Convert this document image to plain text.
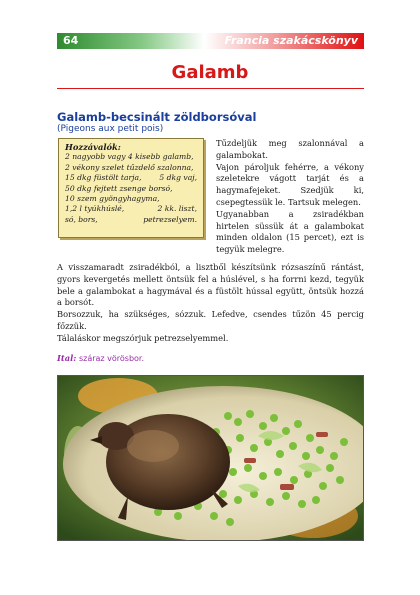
64	Francia szakácskönyv
Galamb
Galamb-becsinált zöldborsóval
(Pigeons aux petit pois)
Hozzávalók:
2 nagyobb vagy 4 kisebb galamb,
2 vékony szelet tűzdelő szalonna,
15 dkg füstölt tarja, 5 dkg vaj,
50 dkg fejtett zsenge borsó,
10 szem gyöngyhagyma,
1,2 l tyúkhúslé,	2 kk. liszt,
só, bors,	petrezselyem.

Tűzdeljük meg szalonnával a galambokat.

Vajon pároljuk fehérre, a vékony szeletekre vágott tarját és a hagymafejeket. Szedjük ki, csepegtessük le. Tartsuk melegen.

Ugyanabban a zsiradékban hirtelen süssük át a galambokat minden oldalon (15 percet), ezt is tegyük melegre.

A visszamaradt zsiradékból, a lisztből készítsünk rózsaszínű rántást, gyors kevergetés mellett öntsük fel a húslével, s ha forrni kezd, tegyük bele a galambokat a hagymával és a füstölt hússal együtt, öntsük hozzá a borsót.

Borsozzuk, ha szükséges, sózzuk. Lefedve, csendes tűzön 45 percig főzzük.

Tálaláskor megszórjuk petrezselyemmel.

Ital: száraz vörösbor.
